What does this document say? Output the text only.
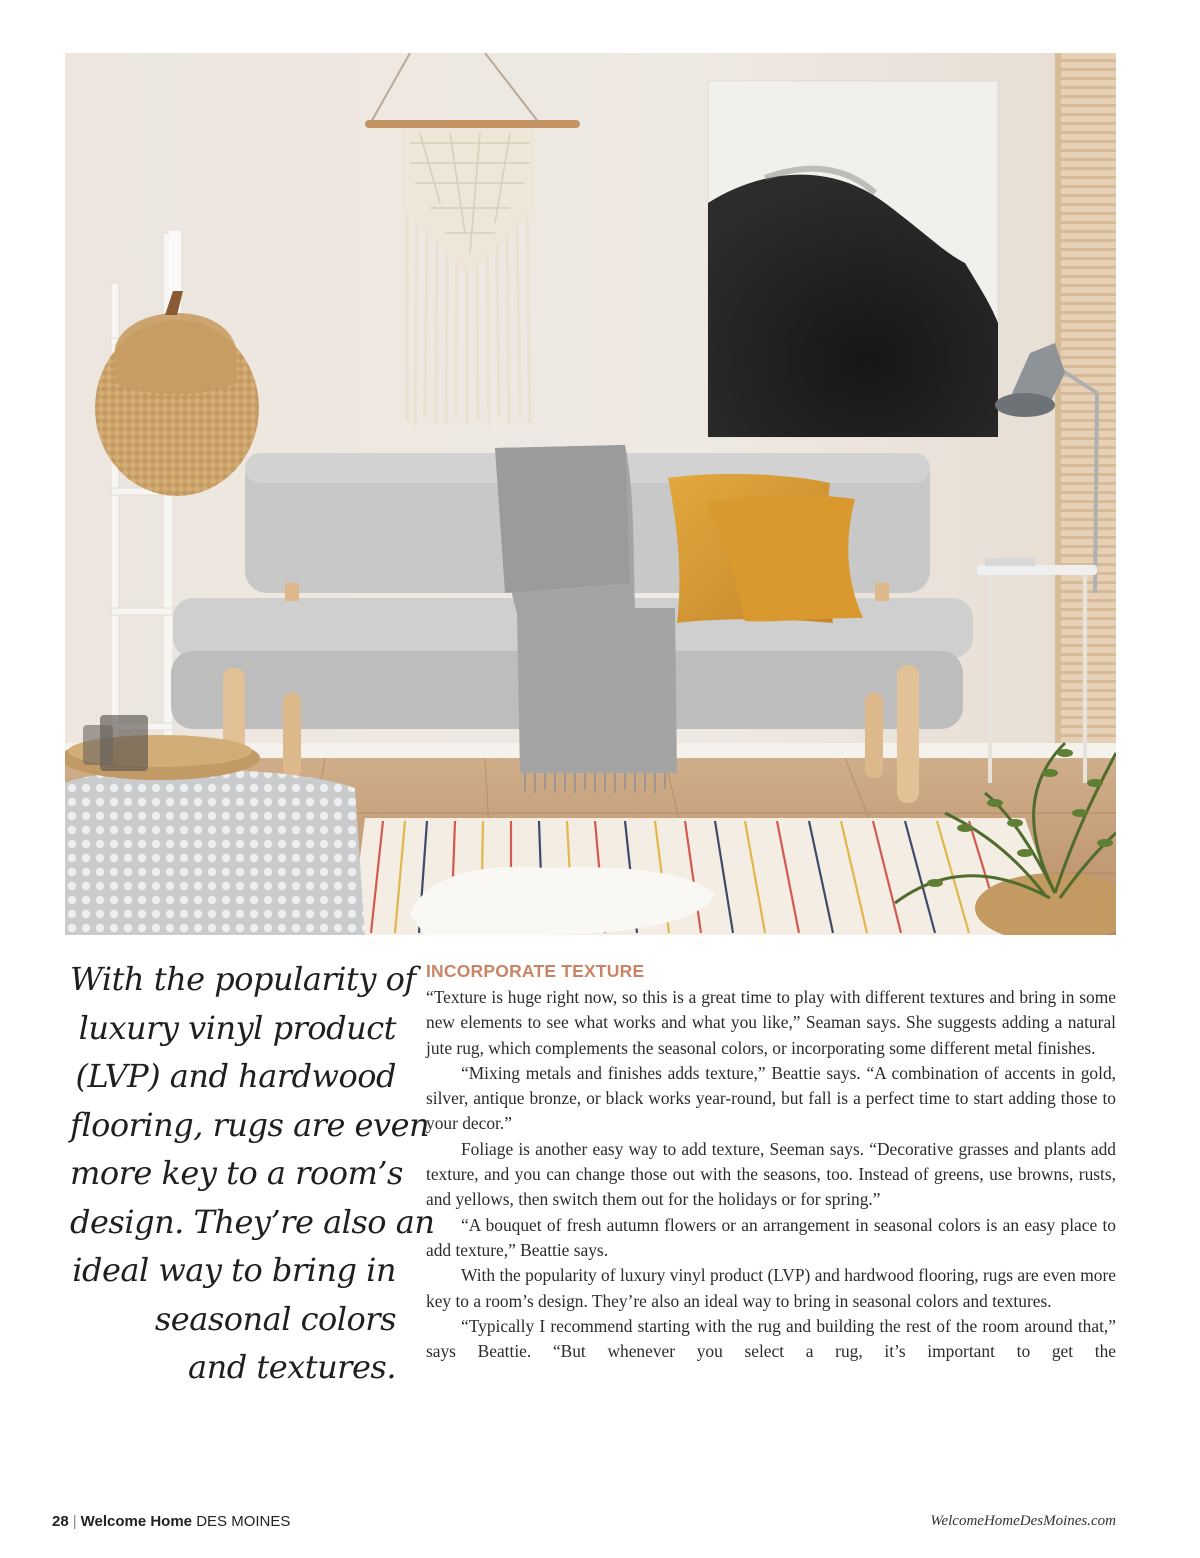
With the popularity of
luxury vinyl product
(LVP) and hardwood
flooring, rugs are even
more key to a room’s
design. They’re also an
ideal way to bring in
seasonal colors
and textures.
INCORPORATE TEXTURE

“Texture is huge right now, so this is a great time to play with different textures and bring in some new elements to see what works and what you like,” Seaman says. She suggests adding a natural jute rug, which complements the seasonal colors, or incorporating some different metal finishes.

“Mixing metals and finishes adds texture,” Beattie says. “A combination of accents in gold, silver, antique bronze, or black works year-round, but fall is a perfect time to start adding those to your decor.”

Foliage is another easy way to add texture, Seeman says. “Decorative grasses and plants add texture, and you can change those out with the seasons, too. Instead of greens, use browns, rusts, and yellows, then switch them out for the holidays or for spring.”

“A bouquet of fresh autumn flowers or an arrangement in seasonal colors is an easy place to add texture,” Beattie says.

With the popularity of luxury vinyl product (LVP) and hardwood flooring, rugs are even more key to a room’s design. They’re also an ideal way to bring in seasonal colors and textures.

“Typically I recommend starting with the rug and building the rest of the room around that,” says Beattie. “But whenever you select a rug, it’s important to get the

28 | Welcome Home DES MOINES	WelcomeHomeDesMoines.com
